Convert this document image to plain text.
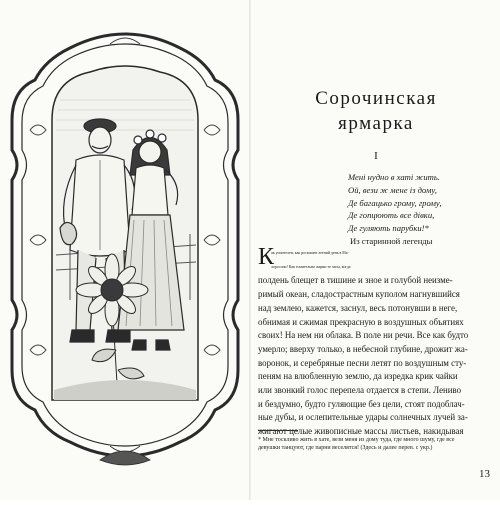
Сорочинская
ярмарка
I
Мені нудно в хаті жить.
Ой, вези ж мене із дому,
Де багацько грому, грому,
Де гопцюють все дівки,
Де гуляють парубки!*
Из старинной легенды
К
ак упоителен, как роскошен летний день в Ма-
лороссии! Как томительно жарки те часы, когда
полдень блещет в тишине и зное и голубой неизме-
римый океан, сладострастным куполом нагнувшийся
над землею, кажется, заснул, весь потонувши в неге,
обнимая и сжимая прекрасную в воздушных объятиях
своих! На нем ни облака. В поле ни речи. Все как будто
умерло; вверху только, в небесной глубине, дрожит жа-
воронок, и серебряные песни летят по воздушным сту-
пеням на влюбленную землю, да изредка крик чайки
или звонкий голос перепела отдается в степи. Лениво
и бездумно, будто гуляющие без цели, стоят подоблач-
ные дубы, и ослепительные удары солнечных лучей за-
жигают целые живописные массы листьев, накидывая
* Мне тоскливо жить в хате, вези меня из дому туда, где много шуму, где все
девушки танцуют, где парни веселятся! (Здесь и далее перев. с укр.)
13
